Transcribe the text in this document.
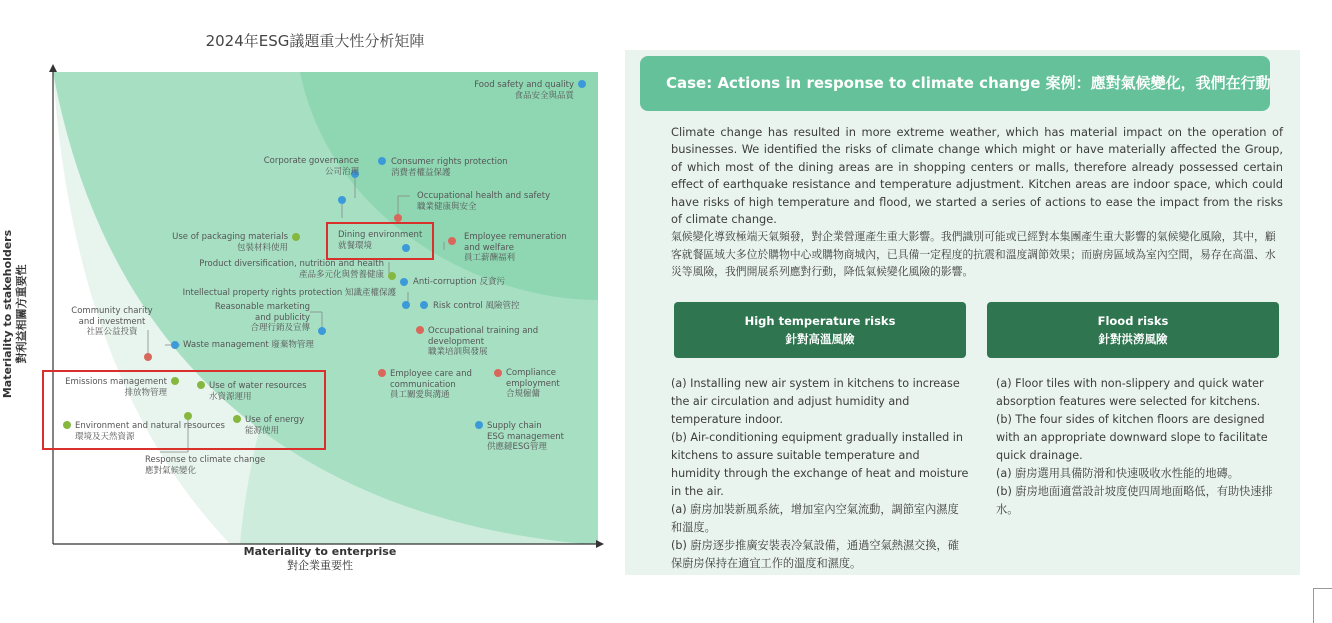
2024年ESG議題重大性分析矩陣
Food safety and quality
食品安全與品質
Corporate governance
公司治理
Consumer rights protection
消費者權益保護
Occupational health and safety
職業健康與安全
Use of packaging materials
包裝材料使用
Dining environment
就餐環境
Employee remuneration
and welfare
員工薪酬福利
Product diversification, nutrition and health
產品多元化與營養健康
Anti-corruption 反貪污
Intellectual property rights protection 知識產權保護
Risk control 風險管控
Community charity
and investment
社區公益投資
Reasonable marketing
and publicity
合理行銷及宣傳	Occupational training and
development
職業培訓與發展
Waste management 廢棄物管理
Employee care and
communication
員工關愛與溝通
Compliance
employment
合規僱傭
Emissions management
排放物管理
Use of water resources
水資源運用
Use of energy
能源使用
Environment and natural resources
環境及天然資源
Supply chain
ESG management
供應鏈ESG管理
Response to climate change
應對氣候變化
Materiality to enterprise
對企業重要性
Materiality to stakeholders 對利益相關方重要性
Case: Actions in response to climate change 案例：應對氣候變化，我們在行動

Climate change has resulted in more extreme weather, which has material impact on the operation of businesses. We identified the risks of climate change which might or have materially affected the Group, of which most of the dining areas are in shopping centers or malls, therefore already possessed certain effect of earthquake resistance and temperature adjustment. Kitchen areas are indoor space, which could have risks of high temperature and flood, we started a series of actions to ease the impact from the risks of climate change.

氣候變化導致極端天氣頻發，對企業營運產生重大影響。我們識別可能或已經對本集團產生重大影響的氣候變化風險，其中，顧客就餐區域大多位於購物中心或購物商城內，已具備一定程度的抗震和溫度調節效果；而廚房區域為室內空間，易存在高溫、水災等風險，我們開展系列應對行動，降低氣候變化風險的影響。

High temperature risks
針對高溫風險
Flood risks
針對洪澇風險
(a) Installing new air system in kitchens to increase the air circulation and adjust humidity and temperature indoor.
(b) Air-conditioning equipment gradually installed in kitchens to assure suitable temperature and humidity through the exchange of heat and moisture in the air.
(a) 廚房加裝新風系統，增加室內空氣流動，調節室內濕度和溫度。
(b) 廚房逐步推廣安裝表冷氣設備，通過空氣熱濕交換，確保廚房保持在適宜工作的溫度和濕度。
(a) Floor tiles with non-slippery and quick water absorption features were selected for kitchens.
(b) The four sides of kitchen floors are designed with an appropriate downward slope to facilitate quick drainage.
(a) 廚房選用具備防滑和快速吸收水性能的地磚。
(b) 廚房地面適當設計坡度使四周地面略低，有助快速排水。
